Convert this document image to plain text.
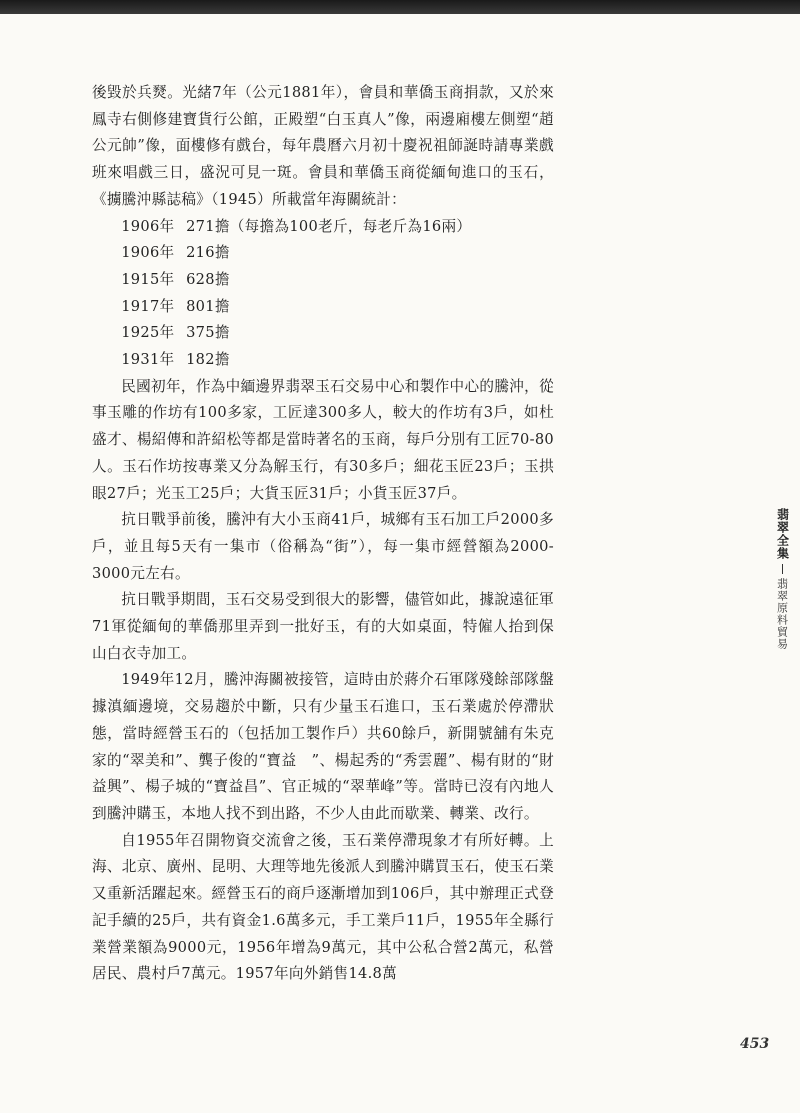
後毀於兵燹。光緒7年（公元1881年），會員和華僑玉商捐款，又於來鳳寺右側修建寶貨行公館，正殿塑“白玉真人”像，兩邊廂樓左側塑“趙公元帥”像，面樓修有戲台，每年農曆六月初十慶祝祖師誕時請專業戲班來唱戲三日，盛況可見一斑。會員和華僑玉商從緬甸進口的玉石，《擄騰沖縣誌稿》（1945）所載當年海關統計：

1906年 271擔（每擔為100老斤，每老斤為16兩）

1906年 216擔

1915年 628擔

1917年 801擔

1925年 375擔

1931年 182擔

民國初年，作為中緬邊界翡翠玉石交易中心和製作中心的騰沖，從事玉雕的作坊有100多家，工匠達300多人，較大的作坊有3戶，如杜盛才、楊紹傳和許紹松等都是當時著名的玉商，每戶分別有工匠70-80人。玉石作坊按專業又分為解玉行，有30多戶；細花玉匠23戶；玉拱眼27戶；光玉工25戶；大貨玉匠31戶；小貨玉匠37戶。

抗日戰爭前後，騰沖有大小玉商41戶，城鄉有玉石加工戶2000多戶，並且每5天有一集市（俗稱為“街”），每一集市經營額為2000-3000元左右。

抗日戰爭期間，玉石交易受到很大的影響，儘管如此，據說遠征軍71軍從緬甸的華僑那里弄到一批好玉，有的大如桌面，特僱人抬到保山白衣寺加工。

1949年12月，騰沖海關被接管，這時由於蔣介石軍隊殘餘部隊盤據滇緬邊境，交易趨於中斷，只有少量玉石進口，玉石業處於停滯狀態，當時經營玉石的（包括加工製作戶）共60餘戶，新開號舖有朱克家的“翠美和”、龔子俊的“寶益　”、楊起秀的“秀雲麗”、楊有財的“財益興”、楊子城的“寶益昌”、官正城的“翠華峰”等。當時已沒有內地人到騰沖購玉，本地人找不到出路，不少人由此而歇業、轉業、改行。

自1955年召開物資交流會之後，玉石業停滯現象才有所好轉。上海、北京、廣州、昆明、大理等地先後派人到騰沖購買玉石，使玉石業又重新活躍起來。經營玉石的商戶逐漸增加到106戶，其中辦理正式登記手續的25戶，共有資金1.6萬多元，手工業戶11戶，1955年全縣行業營業額為9000元，1956年增為9萬元，其中公私合營2萬元，私營居民、農村戶7萬元。1957年向外銷售14.8萬

翡翠全集
翡翠原料貿易
453
